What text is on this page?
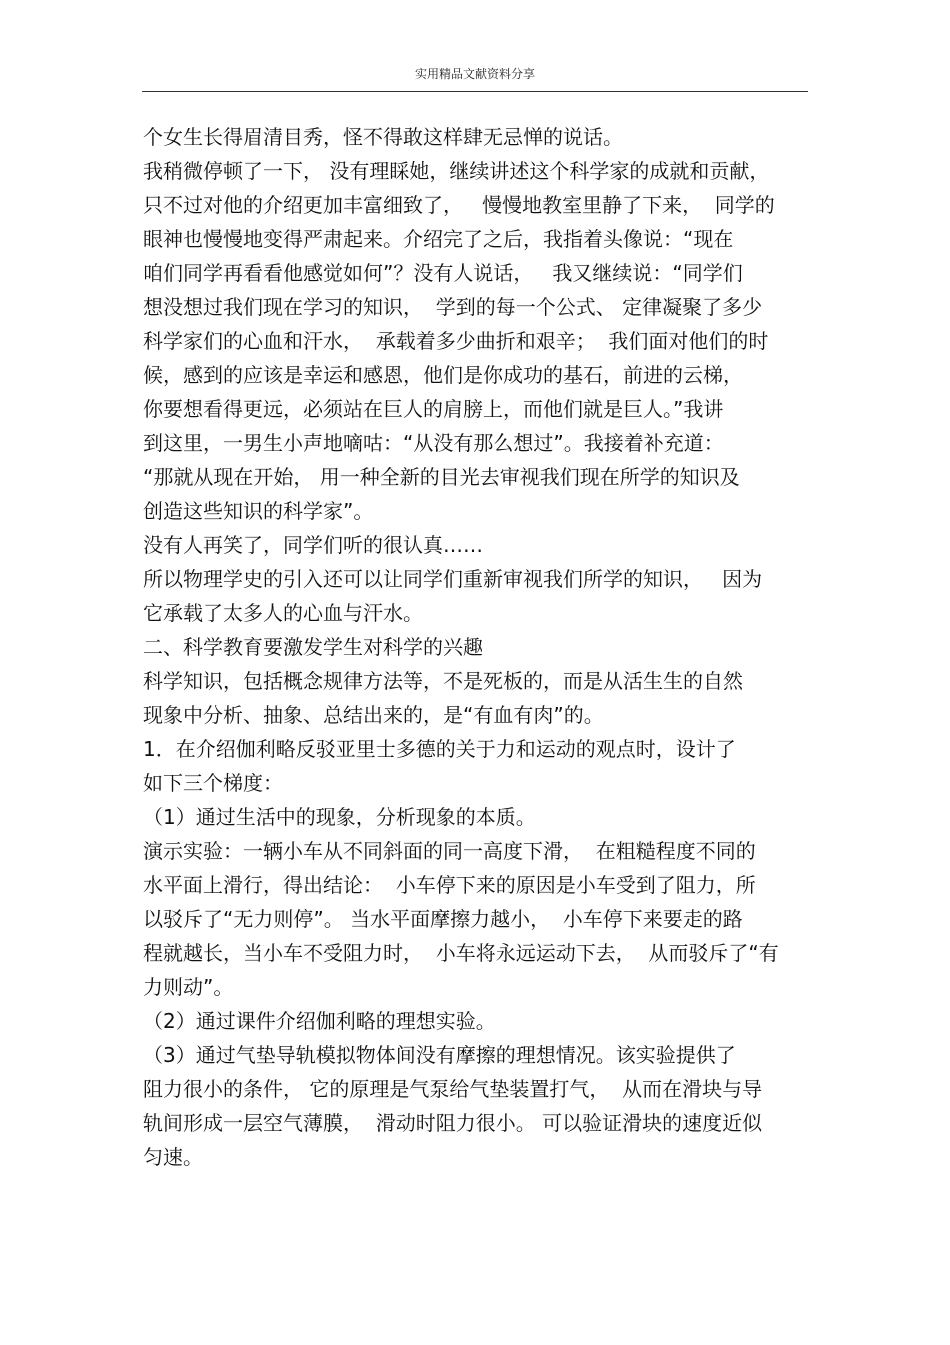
实用精品文献资料分享
个女生长得眉清目秀，怪不得敢这样肆无忌惮的说话。
我稍微停顿了一下， 没有理睬她，继续讲述这个科学家的成就和贡献，
只不过对他的介绍更加丰富细致了，   慢慢地教室里静了下来，  同学的
眼神也慢慢地变得严肃起来。介绍完了之后，我指着头像说：“现在
咱们同学再看看他感觉如何”？没有人说话，   我又继续说：“同学们
想没想过我们现在学习的知识，  学到的每一个公式、 定律凝聚了多少
科学家们的心血和汗水，  承载着多少曲折和艰辛；  我们面对他们的时
候，感到的应该是幸运和感恩，他们是你成功的基石，前进的云梯，
你要想看得更远，必须站在巨人的肩膀上，而他们就是巨人。”我讲
到这里，一男生小声地嘀咕：“从没有那么想过”。我接着补充道：
“那就从现在开始， 用一种全新的目光去审视我们现在所学的知识及
创造这些知识的科学家”。
没有人再笑了，同学们听的很认真……
所以物理学史的引入还可以让同学们重新审视我们所学的知识，   因为
它承载了太多人的心血与汗水。
二、科学教育要激发学生对科学的兴趣
科学知识，包括概念规律方法等，不是死板的，而是从活生生的自然
现象中分析、抽象、总结出来的，是“有血有肉”的。
1．在介绍伽利略反驳亚里士多德的关于力和运动的观点时，设计了
如下三个梯度：
（1）通过生活中的现象，分析现象的本质。
演示实验：一辆小车从不同斜面的同一高度下滑，  在粗糙程度不同的
水平面上滑行，得出结论：  小车停下来的原因是小车受到了阻力，所
以驳斥了“无力则停”。 当水平面摩擦力越小，  小车停下来要走的路
程就越长，当小车不受阻力时，  小车将永远运动下去，  从而驳斥了“有
力则动”。
（2）通过课件介绍伽利略的理想实验。
（3）通过气垫导轨模拟物体间没有摩擦的理想情况。该实验提供了
阻力很小的条件， 它的原理是气泵给气垫装置打气，  从而在滑块与导
轨间形成一层空气薄膜，  滑动时阻力很小。 可以验证滑块的速度近似
匀速。
